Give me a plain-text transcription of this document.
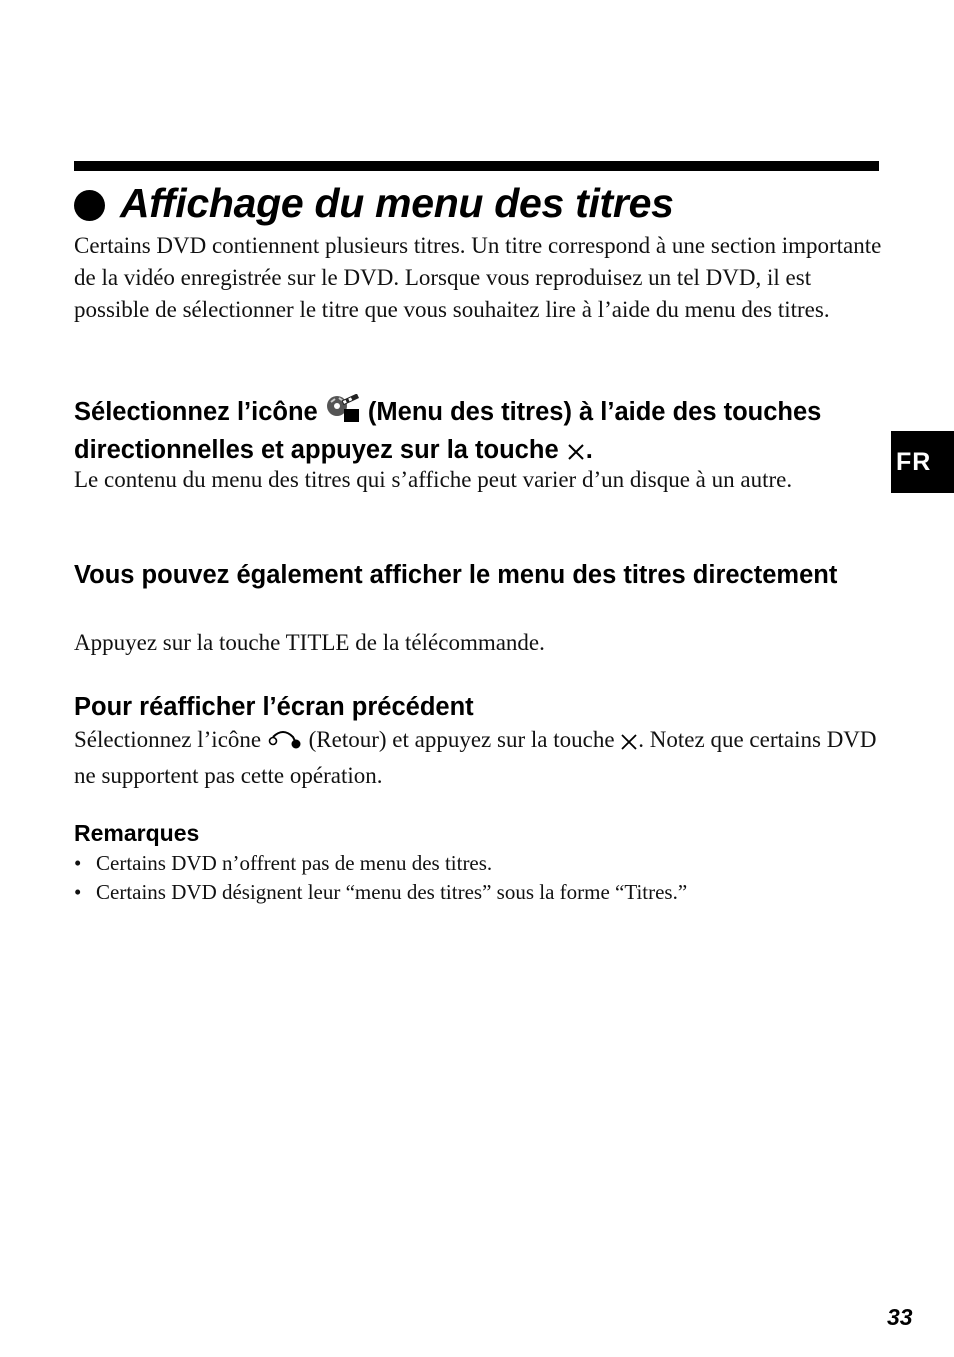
Affichage du menu des titres

Certains DVD contiennent plusieurs titres. Un titre correspond à une section importante de la vidéo enregistrée sur le DVD. Lorsque vous reproduisez un tel DVD, il est possible de sélectionner le titre que vous souhaitez lire à l’aide du menu des titres.

Sélectionnez l’icône (Menu des titres) à l’aide des touches directionnelles et appuyez sur la touche .

Le contenu du menu des titres qui s’affiche peut varier d’un disque à un autre.

Vous pouvez également afficher le menu des titres directement

Appuyez sur la touche TITLE de la télécommande.

Pour réafficher l’écran précédent

Sélectionnez l’icône (Retour) et appuyez sur la touche . Notez que certains DVD ne supportent pas cette opération.

Remarques
• Certains DVD n’offrent pas de menu des titres.
• Certains DVD désignent leur “menu des titres” sous la forme “Titres.”
FR
33
